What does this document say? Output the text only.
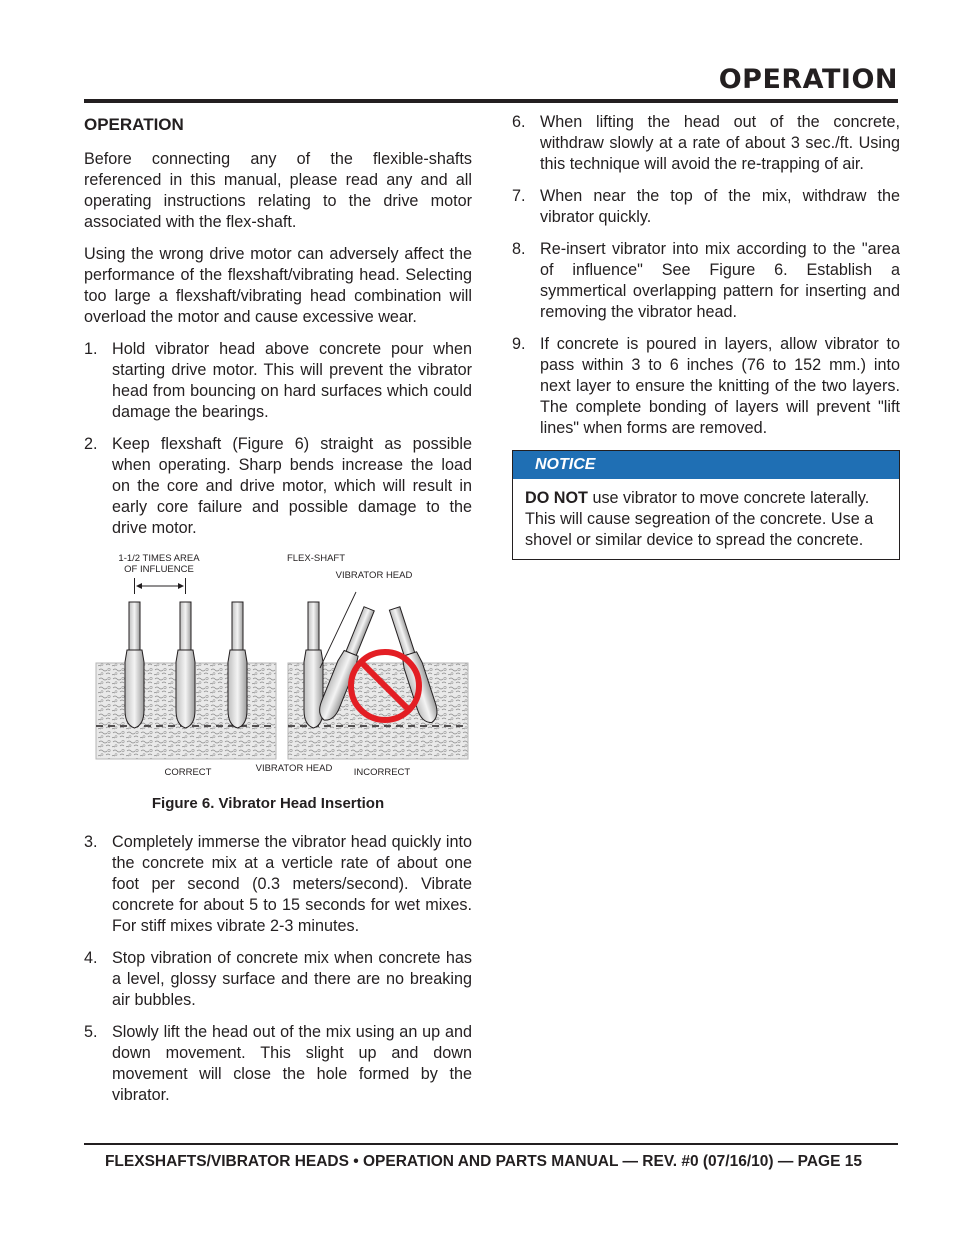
OPERATION
OPERATION

Before connecting any of the flexible-shafts referenced in this manual, please read any and all operating instructions relating to the drive motor associated with the flex-shaft.

Using the wrong drive motor can adversely affect the performance of the flexshaft/vibrating head. Selecting too large a flexshaft/vibrating head combination will overload the motor and cause excessive wear.

1. Hold vibrator head above concrete pour when starting drive motor. This will prevent the vibrator head from bouncing on hard surfaces which could damage the bearings.
2. Keep flexshaft (Figure 6) straight as possible when operating. Sharp bends increase the load on the core and drive motor, which will result in early core failure and possible damage to the drive motor.
1-1/2 TIMES AREA
OF INFLUENCE
FLEX-SHAFT
VIBRATOR HEAD
CORRECT	VIBRATOR HEAD INCORRECT
Figure 6. Vibrator Head Insertion
3. Completely immerse the vibrator head quickly into the concrete mix at a verticle rate of about one foot per second (0.3 meters/second). Vibrate concrete for about 5 to 15 seconds for wet mixes. For stiff mixes vibrate 2-3 minutes.
4. Stop vibration of concrete mix when concrete has a level, glossy surface and there are no breaking air bubbles.
5. Slowly lift the head out of the mix using an up and down movement. This slight up and down movement will close the hole formed by the vibrator.
6. When lifting the head out of the concrete, withdraw slowly at a rate of about 3 sec./ft. Using this technique will avoid the re-trapping of air.
7. When near the top of the mix, withdraw the vibrator quickly.
8. Re-insert vibrator into mix according to the "area of influence" See Figure 6. Establish a symmertical overlapping pattern for inserting and removing the vibrator head.
9. If concrete is poured in layers, allow vibrator to pass within 3 to 6 inches (76 to 152 mm.) into next layer to ensure the knitting of the two layers. The complete bonding of layers will prevent "lift lines" when forms are removed.
NOTICE
DO NOT use vibrator to move concrete laterally. This will cause segreation of the concrete. Use a shovel or similar device to spread the concrete.
FLEXSHAFTS/VIBRATOR HEADS • OPERATION AND PARTS MANUAL — REV. #0 (07/16/10) — PAGE 15
